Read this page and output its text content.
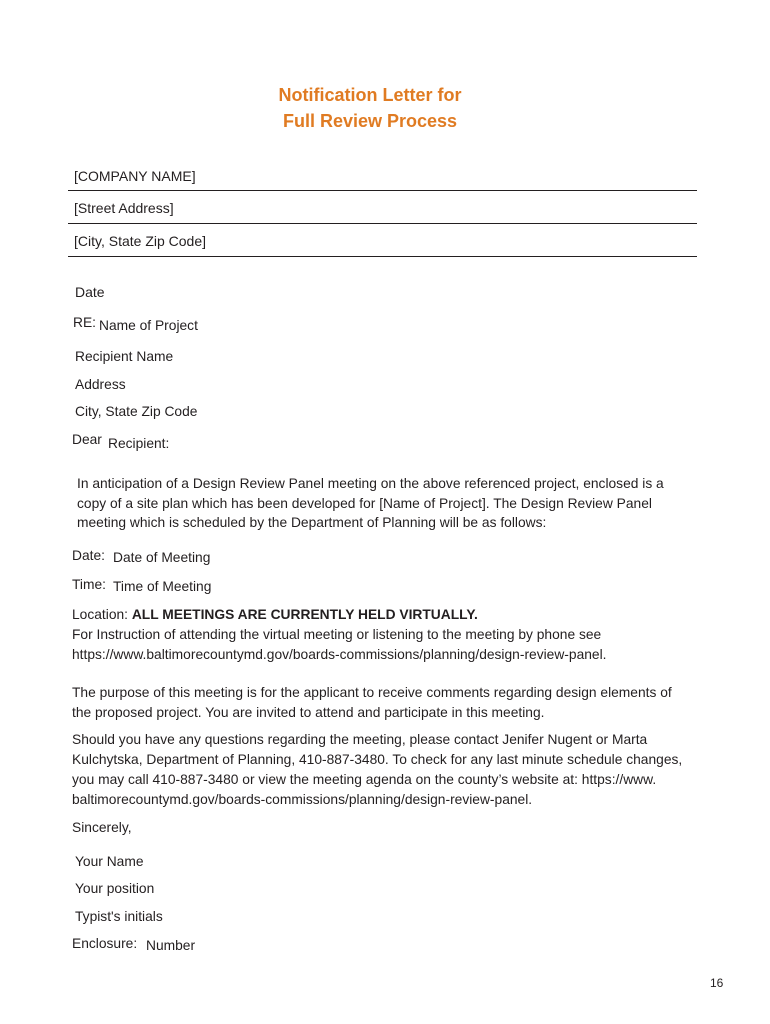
Notification Letter for
Full Review Process
[COMPANY NAME]
[Street Address]
[City, State Zip Code]
Date
RE: Name of Project
Recipient Name
Address
City, State Zip Code
Dear Recipient:
In anticipation of a Design Review Panel meeting on the above referenced project, enclosed is a
copy of a site plan which has been developed for [Name of Project]. The Design Review Panel
meeting which is scheduled by the Department of Planning will be as follows:
Date: Date of Meeting
Time: Time of Meeting
Location: ALL MEETINGS ARE CURRENTLY HELD VIRTUALLY.
For Instruction of attending the virtual meeting or listening to the meeting by phone see
https://www.baltimorecountymd.gov/boards-commissions/planning/design-review-panel.
The purpose of this meeting is for the applicant to receive comments regarding design elements of
the proposed project. You are invited to attend and participate in this meeting.
Should you have any questions regarding the meeting, please contact Jenifer Nugent or Marta
Kulchytska, Department of Planning, 410-887-3480. To check for any last minute schedule changes,
you may call 410-887-3480 or view the meeting agenda on the county’s website at: https://www.
baltimorecountymd.gov/boards-commissions/planning/design-review-panel.
Sincerely,
Your Name
Your position
Typist's initials
Enclosure: Number
16
